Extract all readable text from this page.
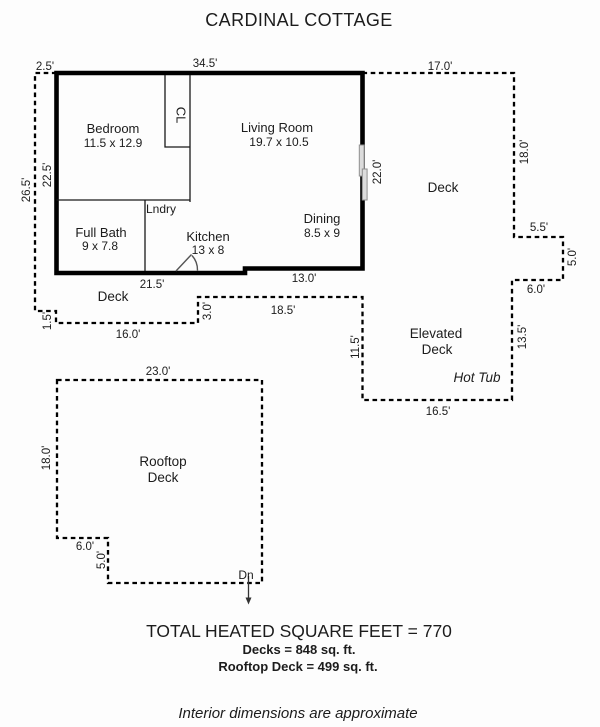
CARDINAL COTTAGE
Bedroom
11.5 x 12.9
Living Room
19.7 x 10.5
Dining
8.5 x 9
Full Bath
9 x 7.8
Kitchen
13 x 8
Lndry
CL
Deck
Deck
Elevated
Deck
Hot Tub
Rooftop
Deck
Dn
2.5'	34.5'	17.0'
5.5'
6.0'
16.5'
18.5'
16.0'
21.5'	13.0'
23.0'
6.0'
26.5'
22.5'	22.0'
18.0'
5.0'
13.5'
11.5'
3.0'
1.5'
18.0'
5.0'
TOTAL HEATED SQUARE FEET = 770
Decks = 848 sq. ft.
Rooftop Deck = 499 sq. ft.
Interior dimensions are approximate
